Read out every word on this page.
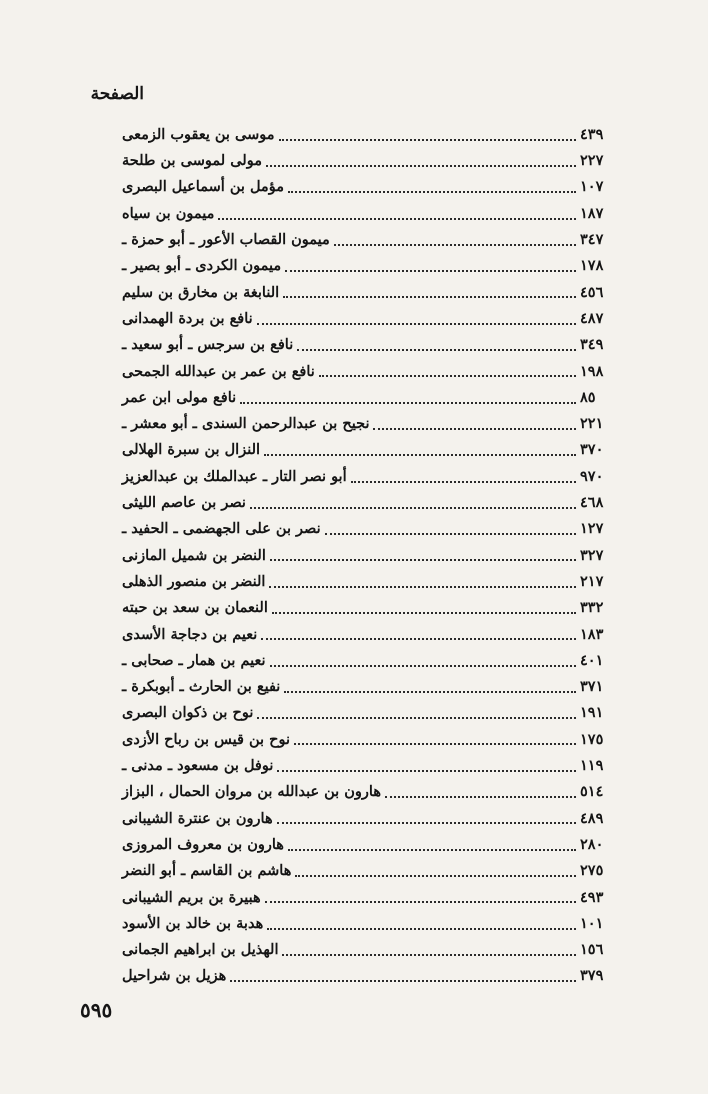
الصفحة
موسى بن يعقوب الزمعى	٤٣٩
مولى لموسى بن طلحة	٢٢٧
مؤمل بن أسماعيل البصرى	١٠٧
ميمون بن سياه	١٨٧
ميمون القصاب الأعور ـ أبو حمزة ـ	٣٤٧
ميمون الكردى ـ أبو بصير ـ	١٧٨
النابغة بن مخارق بن سليم	٤٥٦
نافع بن بردة الهمدانى	٤٨٧
نافع بن سرجس ـ أبو سعيد ـ	٣٤٩
نافع بن عمر بن عبدالله الجمحى	١٩٨
نافع مولى ابن عمر	٨٥
نجيح بن عبدالرحمن السندى ـ أبو معشر ـ	٢٢١
النزال بن سبرة الهلالى	٣٧٠
أبو نصر التار ـ عبدالملك بن عبدالعزيز	٩٧٠
نصر بن عاصم الليثى	٤٦٨
نصر بن على الجهضمى ـ الحفيد ـ	١٢٧
النضر بن شميل المازنى	٣٢٧
النضر بن منصور الذهلى	٢١٧
النعمان بن سعد بن حبته	٣٣٢
نعيم بن دجاجة الأسدى	١٨٣
نعيم بن همار ـ صحابى ـ	٤٠١
نفيع بن الحارث ـ أبوبكرة ـ	٣٧١
نوح بن ذكوان البصرى	١٩١
نوح بن قيس بن رباح الأزدى	١٧٥
نوفل بن مسعود ـ مدنى ـ	١١٩
هارون بن عبدالله بن مروان الحمال ، البزاز	٥١٤
هارون بن عنترة الشيبانى	٤٨٩
هارون بن معروف المروزى	٢٨٠
هاشم بن القاسم ـ أبو النضر	٢٧٥
هبيرة بن بريم الشيبانى	٤٩٣
هدبة بن خالد بن الأسود	١٠١
الهذيل بن ابراهيم الجمانى	١٥٦
هزيل بن شراحيل	٣٧٩
٥٩٥
